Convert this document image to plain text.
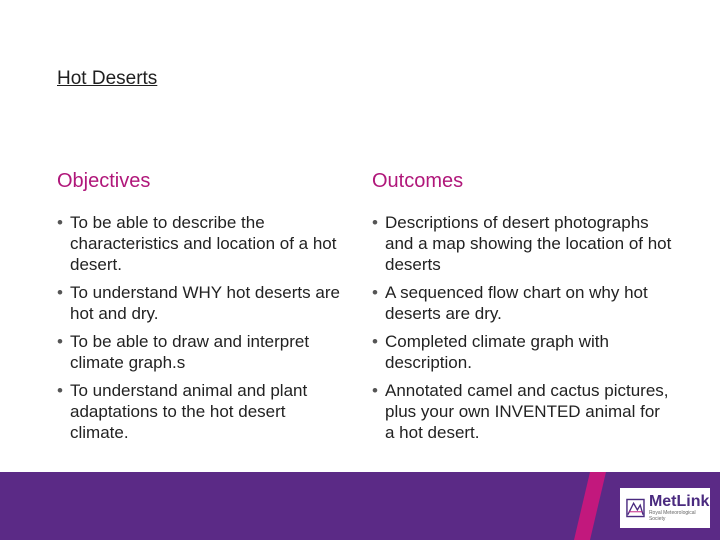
Hot Deserts
Objectives
• To be able to describe the characteristics and location of a hot desert.
• To understand WHY hot deserts are hot and dry.
• To be able to draw and interpret climate graph.s
• To understand animal and plant adaptations to the hot desert climate.
Outcomes
• Descriptions of desert photographs and a map showing the location of hot deserts
• A sequenced flow chart on why hot deserts are dry.
• Completed climate graph with description.
• Annotated camel and cactus pictures, plus your own INVENTED animal for a hot desert.
MetLink
Royal Meteorological Society
